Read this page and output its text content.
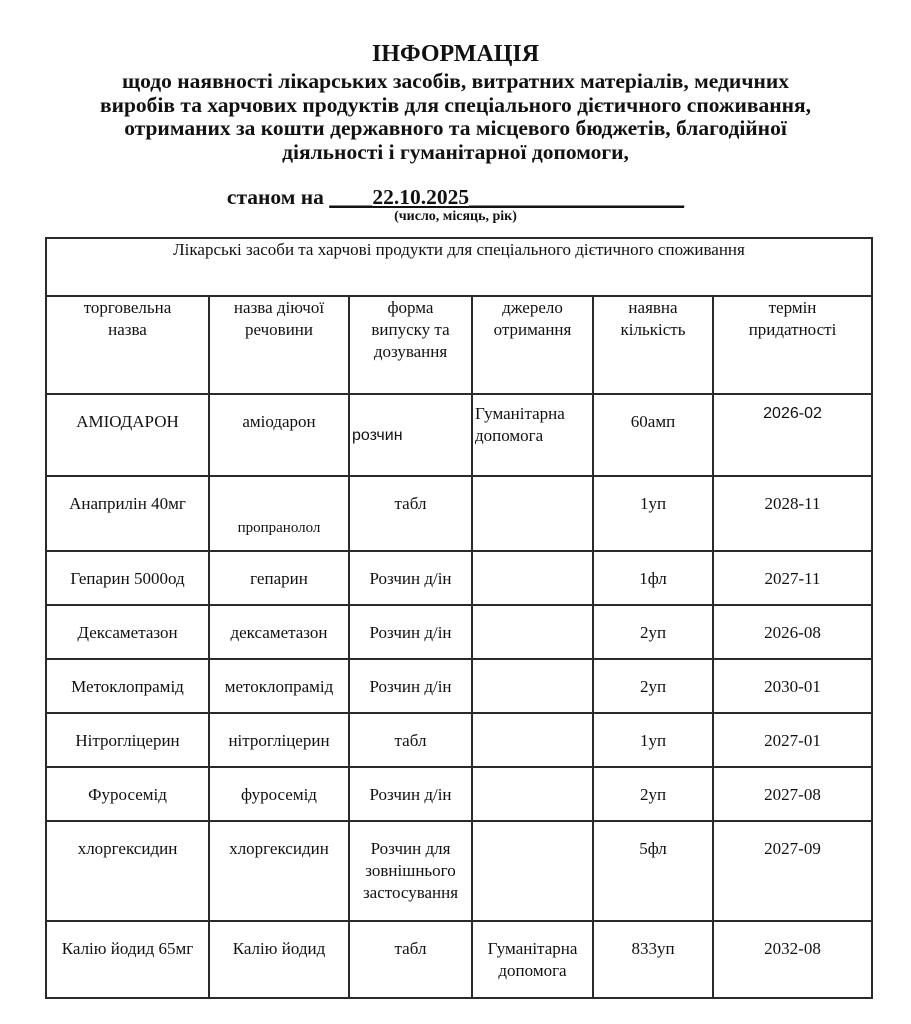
ІНФОРМАЦІЯ
щодо наявності лікарських засобів, витратних матеріалів, медичних
виробів та харчових продуктів для спеціального дієтичного споживання,
отриманих за кошти державного та місцевого бюджетів, благодійної
діяльності і гуманітарної допомоги,
станом на ____22.10.2025____________________
(число, місяць, рік)
Лікарські засоби та харчові продукти для спеціального дієтичного споживання					

торговельна
назва

назва діючої
речовини

форма
випуску та
дозування

джерело
отримання

наявна
кількість

термін
придатності

АМІОДАРОН	аміодарон	розчин	Гуманітарна допомога	60амп	2026-02
Анаприлін 40мг	пропранолол	табл		1уп	2028-11
Гепарин 5000од	гепарин	Розчин д/ін		1фл	2027-11
Дексаметазон	дексаметазон	Розчин д/ін		2уп	2026-08
Метоклопрамід	метоклопрамід	Розчин д/ін		2уп	2030-01
Нітрогліцерин	нітрогліцерин	табл		1уп	2027-01
Фуросемід	фуросемід	Розчин д/ін		2уп	2027-08
хлоргексидин	хлоргексидин	Розчин для зовнішнього застосування		5фл	2027-09
Калію йодид 65мг	Калію йодид	табл	Гуманітарна допомога	833уп	2032-08
